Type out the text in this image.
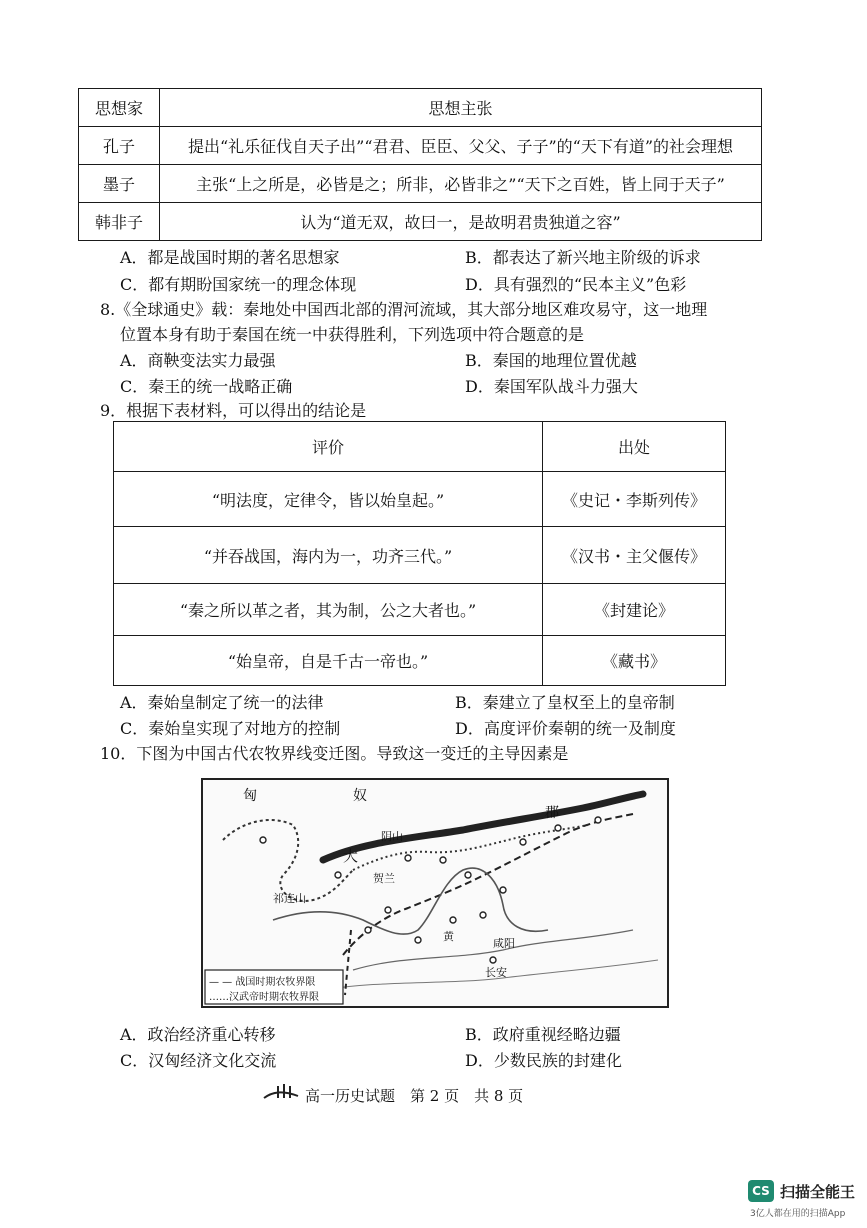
思想家	思想主张
孔子	提出“礼乐征伐自天子出”“君君、臣臣、父父、子子”的“天下有道”的社会理想
墨子	主张“上之所是，必皆是之；所非，必皆非之”“天下之百姓，皆上同于天子”
韩非子	认为“道无双，故曰一，是故明君贵独道之容”
A．都是战国时期的著名思想家	B．都表达了新兴地主阶级的诉求
C．都有期盼国家统一的理念体现	D．具有强烈的“民本主义”色彩
8.《全球通史》载：秦地处中国西北部的渭河流域，其大部分地区难攻易守，这一地理
位置本身有助于秦国在统一中获得胜利，下列选项中符合题意的是
A．商鞅变法实力最强	B．秦国的地理位置优越
C．秦王的统一战略正确	D．秦国军队战斗力强大
9．根据下表材料，可以得出的结论是
评价	出处
“明法度，定律令，皆以始皇起。”	《史记・李斯列传》
“并吞战国，海内为一，功齐三代。”	《汉书・主父偃传》
“秦之所以革之者，其为制，公之大者也。”	《封建论》
“始皇帝，自是千古一帝也。”	《藏书》
A．秦始皇制定了统一的法律	B．秦建立了皇权至上的皇帝制
C．秦始皇实现了对地方的控制	D．高度评价秦朝的统一及制度
10．下图为中国古代农牧界线变迁图。导致这一变迁的主导因素是
匈	奴
郡
大
阴山
贺兰
祁连山
长安
咸阳
黄
— — 战国时期农牧界限
……汉武帝时期农牧界限
A．政治经济重心转移	B．政府重视经略边疆
C．汉匈经济文化交流	D．少数民族的封建化
高一历史试题　第 2 页　共 8 页
CS 扫描全能王
3亿人都在用的扫描App
